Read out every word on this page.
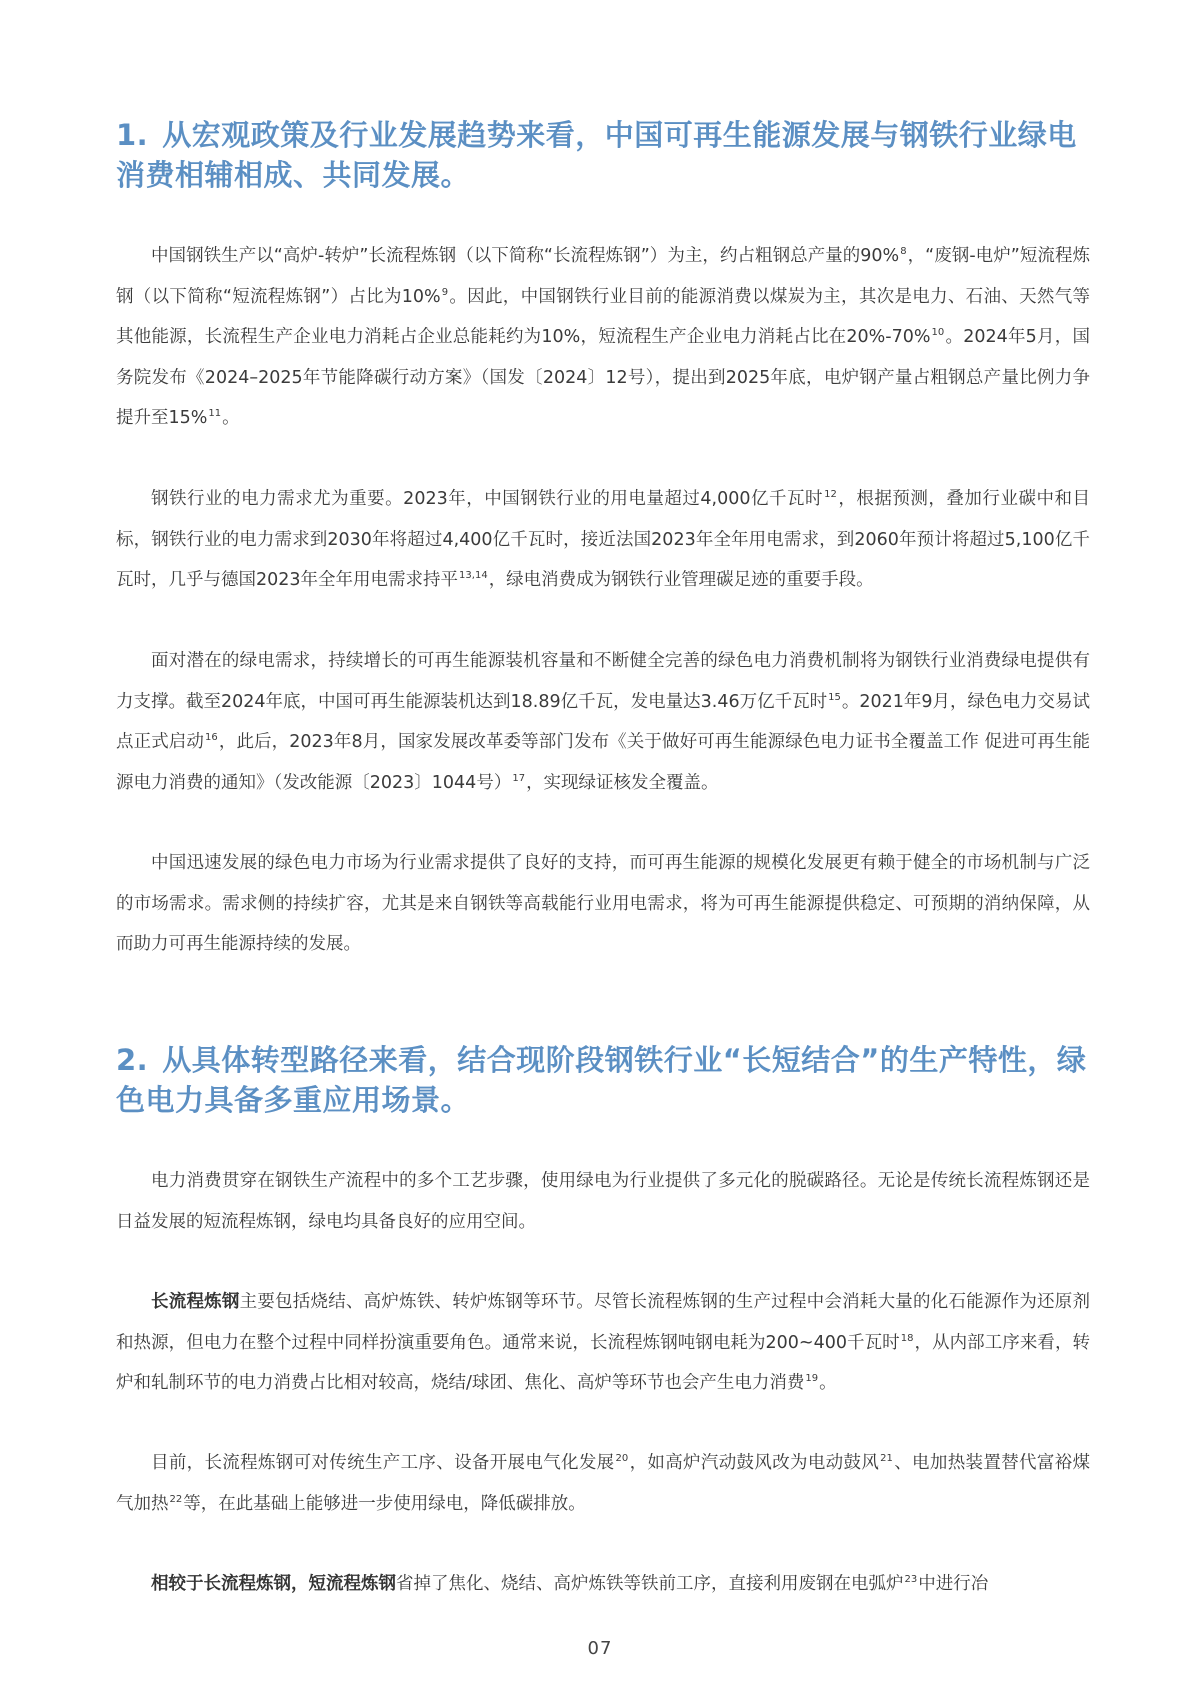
1. 从宏观政策及行业发展趋势来看，中国可再生能源发展与钢铁行业绿电消费相辅相成、共同发展。

中国钢铁生产以“高炉-转炉”长流程炼钢（以下简称“长流程炼钢”）为主，约占粗钢总产量的90%$^8$，“废钢-电炉”短流程炼钢（以下简称“短流程炼钢”）占比为10%$^9$。因此，中国钢铁行业目前的能源消费以煤炭为主，其次是电力、石油、天然气等其他能源，长流程生产企业电力消耗占企业总能耗约为10%，短流程生产企业电力消耗占比在20%-70%$^{10}$。2024年5月，国务院发布《2024–2025年节能降碳行动方案》（国发〔2024〕12号），提出到2025年底，电炉钢产量占粗钢总产量比例力争提升至15%$^{11}$。

钢铁行业的电力需求尤为重要。2023年，中国钢铁行业的用电量超过4,000亿千瓦时$^{12}$，根据预测，叠加行业碳中和目标，钢铁行业的电力需求到2030年将超过4,400亿千瓦时，接近法国2023年全年用电需求，到2060年预计将超过5,100亿千瓦时，几乎与德国2023年全年用电需求持平$^{13,14}$，绿电消费成为钢铁行业管理碳足迹的重要手段。

面对潜在的绿电需求，持续增长的可再生能源装机容量和不断健全完善的绿色电力消费机制将为钢铁行业消费绿电提供有力支撑。截至2024年底，中国可再生能源装机达到18.89亿千瓦，发电量达3.46万亿千瓦时$^{15}$。2021年9月，绿色电力交易试点正式启动$^{16}$，此后，2023年8月，国家发展改革委等部门发布《关于做好可再生能源绿色电力证书全覆盖工作 促进可再生能源电力消费的通知》（发改能源〔2023〕1044号）$^{17}$，实现绿证核发全覆盖。

中国迅速发展的绿色电力市场为行业需求提供了良好的支持，而可再生能源的规模化发展更有赖于健全的市场机制与广泛的市场需求。需求侧的持续扩容，尤其是来自钢铁等高载能行业用电需求，将为可再生能源提供稳定、可预期的消纳保障，从而助力可再生能源持续的发展。

2. 从具体转型路径来看，结合现阶段钢铁行业“长短结合”的生产特性，绿色电力具备多重应用场景。

电力消费贯穿在钢铁生产流程中的多个工艺步骤，使用绿电为行业提供了多元化的脱碳路径。无论是传统长流程炼钢还是日益发展的短流程炼钢，绿电均具备良好的应用空间。

长流程炼钢主要包括烧结、高炉炼铁、转炉炼钢等环节。尽管长流程炼钢的生产过程中会消耗大量的化石能源作为还原剂和热源，但电力在整个过程中同样扮演重要角色。通常来说，长流程炼钢吨钢电耗为200~400千瓦时$^{18}$，从内部工序来看，转炉和轧制环节的电力消费占比相对较高，烧结/球团、焦化、高炉等环节也会产生电力消费$^{19}$。

目前，长流程炼钢可对传统生产工序、设备开展电气化发展$^{20}$，如高炉汽动鼓风改为电动鼓风$^{21}$、电加热装置替代富裕煤气加热$^{22}$等，在此基础上能够进一步使用绿电，降低碳排放。

相较于长流程炼钢，短流程炼钢省掉了焦化、烧结、高炉炼铁等铁前工序，直接利用废钢在电弧炉$^{23}$中进行冶

07
